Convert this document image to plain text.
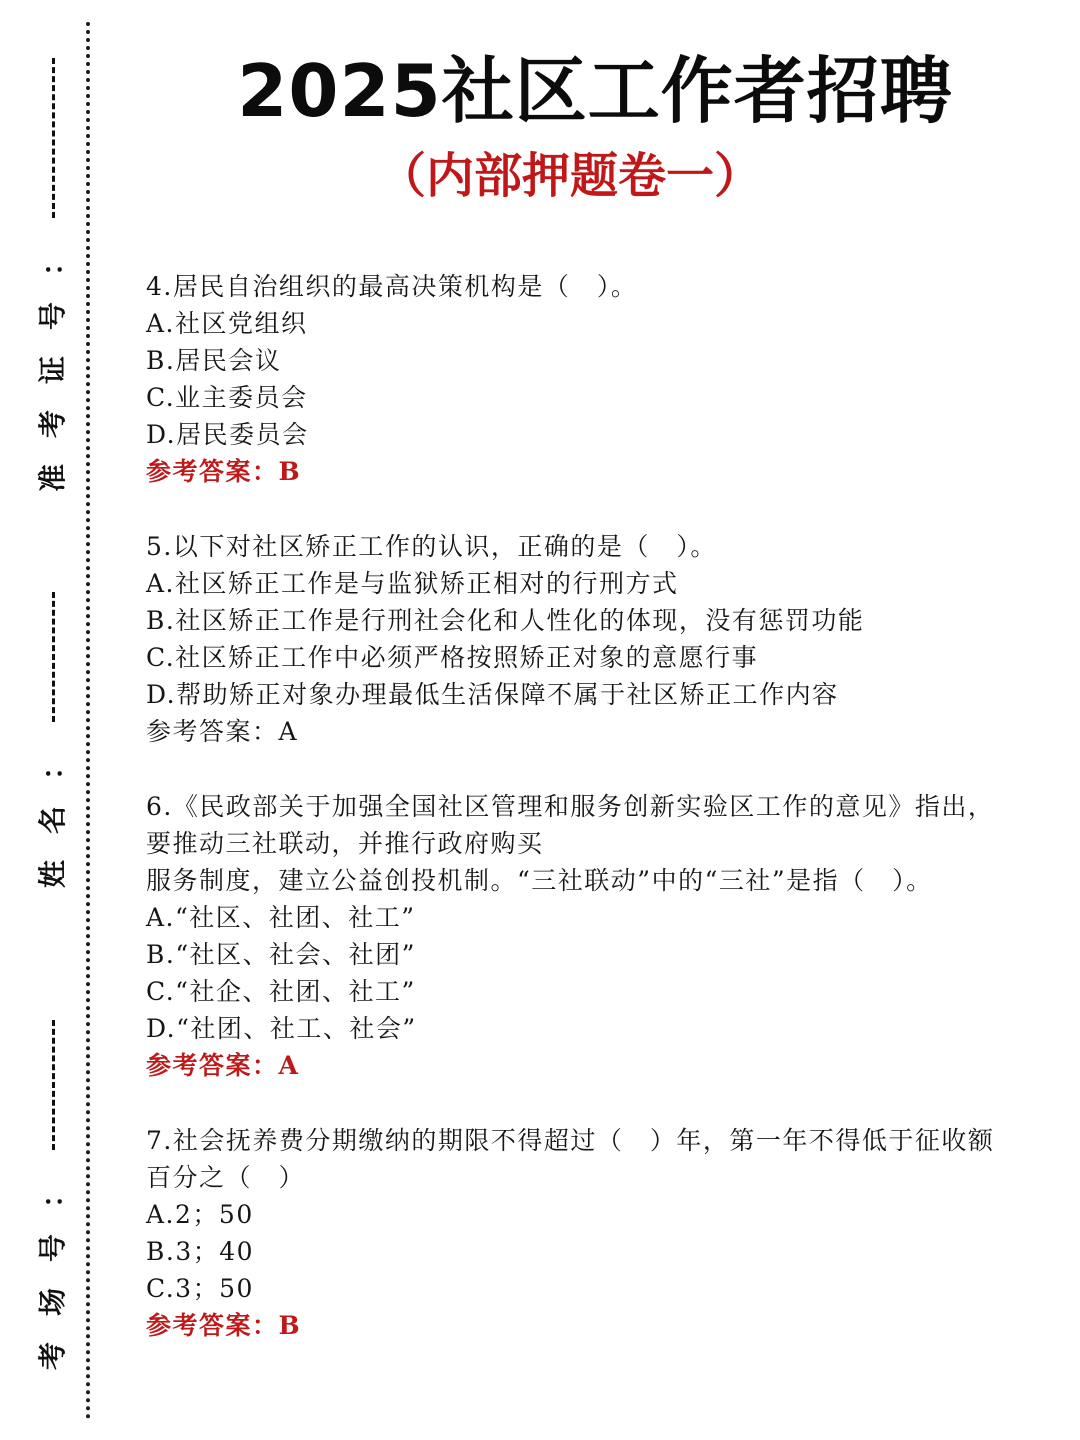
准考证号：
姓名：
考场号：
2025社区工作者招聘
（内部押题卷一）
4.居民自治组织的最高决策机构是（　）。
A.社区党组织
B.居民会议
C.业主委员会
D.居民委员会
参考答案：B
5.以下对社区矫正工作的认识，正确的是（　）。
A.社区矫正工作是与监狱矫正相对的行刑方式
B.社区矫正工作是行刑社会化和人性化的体现，没有惩罚功能
C.社区矫正工作中必须严格按照矫正对象的意愿行事
D.帮助矫正对象办理最低生活保障不属于社区矫正工作内容
参考答案：A
6.《民政部关于加强全国社区管理和服务创新实验区工作的意见》指出，
要推动三社联动，并推行政府购买
服务制度，建立公益创投机制。“三社联动”中的“三社”是指（　）。
A.“社区、社团、社工”
B.“社区、社会、社团”
C.“社企、社团、社工”
D.“社团、社工、社会”
参考答案：A
7.社会抚养费分期缴纳的期限不得超过（　）年，第一年不得低于征收额
百分之（　）
A.2；50
B.3；40
C.3；50
参考答案：B
